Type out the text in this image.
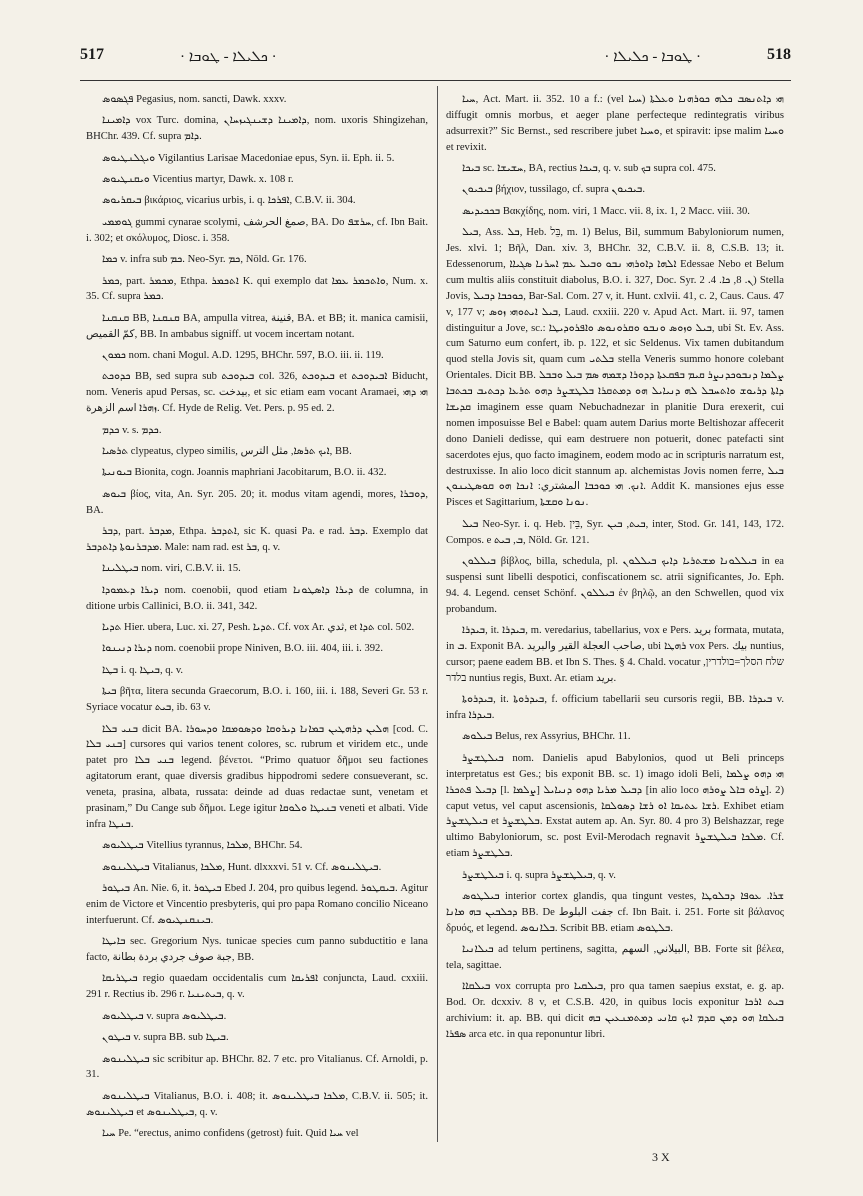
517	· ܟܠܝܠܐ - ܛܘܒܐ ·	· ܛܘܒܐ - ܟܠܝܠܐ ·	518

ܦܓܣܘܣ Pegasius, nom. sancti, Dawk. xxxv.

ܕܐܡܝܢܐ vox Turc. domina, ܕܐܡܝܢܐ ܕܫܝܢܓܝܙܚܐܢ, nom. uxoris Shingizehan, BHChr. 439. Cf. supra ܕܐܡ.

ܘܝܓܠܢܛܝܘܣ Vigilantius Larisae Macedoniae epus, Syn. ii. Eph. ii. 5.

ܘܝܩܢܛܝܘܣ Vicentius martyr, Dawk. x. 108 r.

ܒܝܩܪܝܘܣ βικάριος, vicarius urbis, i. q. ܐܦܪܟܐ, C.B.V. ii. 304.

ܓܘܡܡܝ gummi cynarae scolymi, صمغ الحرشف, BA. Do ܚܪܫܦ, cf. Ibn Bait. i. 302; et σκόλυμος, Diosc. i. 358.

ܟܡܐ v. infra sub ܟܡ. Neo-Syr. ܟܡ, Nöld. Gr. 176.

ܟܡܪ, part. ܡܟܡܪ, Ethpa. ܐܬܟܡܪ K. qui exemplo dat ܘܐܬܟܡܪ ܥܡܐ, Num. x. 35. Cf. supra ܟܡܪ.

ܩܢܩܢܐ BB, ܩܢܩܢܐ BA, ampulla vitrea, قنينة, BA. et BB; it. manica camisii, كمّ القميص, BB. In ambabus signiff. ut vocem incertam notant.

ܟܡܘܢ nom. chani Mogul. A.D. 1295, BHChr. 597, B.O. iii. ii. 119.

ܟܕܘܟܬ BB, sed supra sub ܒܝܕܘܟܬ col. 326, ܒܝܕܘܟܬ et ܐܒܝܕܘܟܬ Biducht, nom. Veneris apud Persas, sc. بيدخت, et sic etiam eam vocant Aramaei, ܗܝ ܕܗܝ ܙܗܪܐ اسم الزهرة. Cf. Hyde de Relig. Vet. Pers. p. 95 ed. 2.

ܟܕܡ v. s. ܟܕܡ.

ܬܪܣܝܐ clypeatus, clypeo similis, ܐܝܟ ܬܪܣܐ, مثل الترس, BB.

ܒܝܘܢܝܬܐ Bionita, cogn. Joannis maphriani Jacobitarum, B.O. ii. 432.

ܒܝܘܣ βίος, vita, An. Syr. 205. 20; it. modus vitam agendi, mores, ܕܘܒܪܐ, BA.

ܕܒܪ, part. ܡܕܒܪ, Ethpa. ܐܬܕܒܪ, sic K. quasi Pa. e rad. ܕܒܪ. Exemplo dat ܡܕܒܪܢܘܬܐ ܕܐܬܕܒܪ. Male: nam rad. est ܒܪ, q. v.

ܒܝܛܠܝܢܐ nom. viri, C.B.V. ii. 15.

ܕܝܪܐ ܕܥܡܘܕܐ nom. coenobii, quod etiam ܕܝܪܐ ܕܐܣܛܘܢܐ de columna, in ditione urbis Callinici, B.O. ii. 341, 342.

ܬܕܝܐ Hier. ubera, Luc. xi. 27, Pesh. ܬܕܝܐ. Cf. vox Ar. ثدي, et ܬܕܐ col. 502.

ܕܝܪܐ ܕܢܝܢܘܐ nom. coenobii prope Niniven, B.O. iii. 404, iii. i. 392.

ܒܛܐ i. q. ܒܝܛܐ, q. v.

ܒܝܬܐ βῆτα, litera secunda Graecorum, B.O. i. 160, iii. i. 188, Severi Gr. 53 r. Syriace vocatur ܒܝܬ, ib. 63 v.

ܒܢܝ ܒܠܐ dicit BA. ܗܠܝܢ ܕܪܗܛܝܢ ܒܡܐܢܐ ܕܝܪܘܩܐ ܘܕܣܘܡܩܐ ܘܕܚܘܪܐ [cod. C. ܒܢܝ ܒܠܐ] cursores qui varios tenent colores, sc. rubrum et viridem etc., unde patet pro ܒܢܝ ܒܠܐ legend. βένετοι. “Primo quatuor δῆμοι seu factiones agitatorum erant, quae diversis gradibus hippodromi sedere consueverant, sc. veneta, prasina, albata, russata: deinde ad duas redactae sunt, venetam et prasinam,” Du Cange sub δῆμοι. Lege igitur ܒܢܝܛܐ ܘܠܘܩܐ veneti et albati. Vide infra ܒܢܛܐ.

ܒܝܛܠܝܘܣ Vitellius tyrannus, ܡܠܟܐ, BHChr. 54.

ܒܝܛܠܝܢܘܣ Vitalianus, ܡܠܟܐ, Hunt. dlxxxvi. 51 v. Cf. ܒܝܛܠܝܢܘܣ.

ܒܝܛܘܪ An. Nie. 6, it. ܒܝܛܘܪ Ebed J. 204, pro quibus legend. ܒܝܩܛܘܪ. Agitur enim de Victore et Vincentio presbyteris, qui pro papa Romano concilio Niceano interfuerunt. Cf. ܒܝܢܩܢܛܝܘܣ.

ܒܐܝܛܐ sec. Gregorium Nys. tunicae species cum panno subductitio e lana facto, جبة صوف جردي بردة بطانة, BB.

ܒܝܛܪܝܩܐ regio quaedam occidentalis cum ܐܦܪܝܩܐ conjuncta, Laud. cxxiii. 291 r. Rectius ib. 296 r. ܒܝܬܝܢܝܐ, q. v.

ܒܝܛܠܝܘܣ v. supra ܒܝܛܠܝܘܣ.

ܒܝܛܘܢ v. supra BB. sub ܒܝܛܐ.

ܒܝܛܠܝܢܘܣ sic scribitur ap. BHChr. 82. 7 etc. pro Vitalianus. Cf. Arnoldi, p. 31.

ܒܝܛܠܝܢܘܣ Vitalianus, B.O. i. 408; it. ܡܠܟܐ ܒܝܛܠܝܢܘܣ, C.B.V. ii. 505; it. ܒܝܛܠܝܢܘܣ et ܒܝܛܠܝܢܘܣ, q. v.

ܚܝܐ Pe. “erectus, animo confidens (getrost) fuit. Quid ܚܝܐ vel

ܚܝܐ, Act. Mart. ii. 352. 10 a f.: (vel ܚܝܐ) ܗܝ ܕܐܬܢܣܒ ܟܠܗ ܟܘܪܗܢܐ ܘܥܠܬܐ diffugit omnis morbus, et aeger plane perfecteque redintegratis viribus adsurrexit?” Sic Bernst., sed rescribere jubet ܘܚܝܐ, et spiravit: ipse malim ܘܚܝܐ et revixit.

ܒܝܟܐ sc. ܚܫܝܫܐ, BA, rectius ܒܝܟܐ, q. v. sub ܒܟ supra col. 475.

ܒܝܟܝܘܢ βήχιον, tussilago, cf. supra ܒܝܟܝܘܢ.

ܒܟܟܝܕܝܣ Βακχίδης, nom. viri, 1 Macc. vii. 8, ix. 1, 2 Macc. viii. 30.

ܒܝܠ, Ass. ܒܠ, Heb. בֵּל, m. 1) Belus, Bil, summum Babyloniorum numen, Jes. xlvi. 1; Βῆλ, Dan. xiv. 3, BHChr. 32, C.B.V. ii. 8, C.S.B. 13; it. Edessenorum, ܐܠܗܐ ܕܐܘܪܗܝ ܢܒܘ ܘܒܝܠ ܥܡ ܐܚܪܢܐ ܣܓܝܐܐ Edessae Nebo et Belum cum multis aliis constituit diabolus, B.O. i. 327, Doc. Syr. ܢ. 8, ܟܐ. 4. 2) Stella Jovis, ܟܘܟܒܐ ܕܒܝܠ, Bar-Sal. Com. 27 v, it. Hunt. cxlvii. 41, c. 2, Caus. Caus. 47 v, 177 v; ܒܝܠ ܐܝܬܘܗܝ ܙܘܣ, Laud. cxxiii. 220 v. Apud Act. Mart. ii. 97, tamen distinguitur a Jove, sc.: ܒܝܠ ܘܙܘܣ ܘܢܒܘ ܘܩܪܘܢܘܣ ܘܐܦܪܘܕܝܛܐ, ubi St. Ev. Ass. cum Saturno eum confert, ib. p. 122, et sic Seldenus. Vix tamen dubitandum quod stella Jovis sit, quam cum ܒܠܬܝ stella Veneris summo honore colebant Orientales. Dicit BB. ܨܠܡܐ ܕܢܒܘܟܕܢܨܪ ܩܝܡ ܒܦܩܥܬܐ ܕܕܘܪܐ ܕܫܡܗ ܣܡ ܒܝܠ ܘܒܒܠ ܕܐܬܐ ܕܪܝܘܫ ܘܐܬܚܒܠ ܠܗ ܕܢܝܐܝܠ ܗܘ ܕܡܬܩܪܐ ܒܠܛܫܨܪ ܕܗܘ ܬܪܥܐ ܕܟܬܝܒ ܒܟܬܒܐ ܩܕܝܫܐ imaginem esse quam Nebuchadnezar in planitie Dura erexerit, cui nomen imposuisse Bel e Babel: quam autem Darius morte Beltishozar affecerit dono Danieli dedisse, qui eam destruere non potuerit, donec patefacti sint sacerdotes ejus, quo facto imaginem, eodem modo ac in scripturis narratum est, destruxisse. In alio loco dicit stannum ap. alchemistas Jovis nomen ferre, ܒܝܠ ܐܢܟ. ܗܝ ܟܘܟܒܐ المشتري: ܐܢܟܐ ܗܘ ܩܘܣܛܝܢܘܢ. Addit K. mansiones ejus esse Pisces et Sagittarium, ܢܘܢܐ ܘܩܫܬܐ.

ܒܝܠ Neo-Syr. i. q. Heb. בֵּין, Syr. ܒܝܬ, ܒܝܢ, inter, Stod. Gr. 141, 143, 172. Compos. e ܒ, ܒܝܬ, Nöld. Gr. 121.

ܒܝܠܠܘܢ βίβλος, billa, schedula, pl. ܒܝܠܠܘܢܐ ܡܫܬܪܝܐ ܕܐܝܟ ܒܝܠܠܘܢ in ea suspensi sunt libelli despotici, confiscationem sc. atrii significantes, Jo. Eph. 94. 4. Legend. censet Schönf. ܒܝܠܠܘܢ ἐν βηλῷ, an den Schwellen, quod vix probandum.

ܒܝܕܪܐ, it. ܒܝܕܪܐ, m. veredarius, tabellarius, vox e Pers. بريد formata, mutata, in ܒ. Exponit BA. صاحب العجلة القير والبريد, ubi ܪܗܛܐ vox Pers. بيك nuntius, cursor; paene eadem BB. et Ibn S. Thes. § 4. Chald. vocatur שלח הסלך=בולדרין, בלדר nuntius regis, Buxt. Ar. etiam بريد.

ܒܝܕܪܘܬܐ, it. ܒܝܕܪܘܬܐ, f. officium tabellarii seu cursoris regii, BB. ܒܝܕܪܐ v. infra ܒܝܕܪܐ.

ܒܝܠܘܣ Belus, rex Assyrius, BHChr. 11.

ܒܝܠܛܫܨܪ nom. Danielis apud Babylonios, quod ut Beli princeps interpretatus est Ges.; bis exponit BB. sc. 1) imago idoli Beli, ܗܝ ܕܗܘ ܨܠܡܐ ܕܒܝܠ ܦܬܟܪܐ [l. ܨܠܡܐ] ܕܒܝܠ ܡܪܝܐ ܕܗܘ ܕܢܝܐܝܠ [in alio loco ܨܪܘ ܒܐܠ ܨܘܪܗ]. 2) caput vetus, vel caput ascensionis, ܪܫܐ ܥܬܝܩܐ ܐܘ ܪܫܐ ܕܣܘܠܩܐ. Exhibet etiam ܒܝܠܛܫܨܪ et ܒܠܛܫܨܪ. Exstat autem ap. An. Syr. 80. 4 pro 3) Belshazzar, rege ultimo Babyloniorum, sc. post Evil-Merodach regnavit ܡܠܟܐ ܒܝܠܛܫܨܪ. Cf. etiam ܒܠܛܫܨܪ.

ܒܝܠܛܫܨܪ i. q. supra ܒܝܠܛܫܨܪ, q. v.

ܒܝܠܛܘܣ interior cortex glandis, qua tingunt vestes, ܫܪܐ. ܥܘܦܐ ܕܒܠܘܛܐ ܕܟܠܒܝܢ ܒܗ ܡܐܢܐ BB. De جفت البلوط cf. Ibn Bait. i. 251. Forte sit βάλανος δρυός, et legend. ܒܠܐܢܘܣ. Scribit BB. etiam ܒܠܛܘܣ.

ܒܝܠܐܢܝܐ ad telum pertinens, sagitta, البيلاني, السهم, BB. Forte sit βέλεα, tela, sagittae.

ܒܝܠܩܐܐ vox corrupta pro ܒܝܠܩܝܐ, pro qua tamen saepius exstat, e. g. ap. Bod. Or. dcxxiv. 8 v, et C.S.B. 420, in quibus locis exponitur ܒܝܬ ܐܪܟܐ archivium: it. ap. BB. qui dicit ܒܝܠܩܐ ܗܘ ܕܡܢ ܩܕܡ ܐܝܟ ܩܐܢܝ ܕܡܬܡܢܥܝܢ ܒܗ ܣܦܪܐ arca etc. in qua reponuntur libri.

3 X
